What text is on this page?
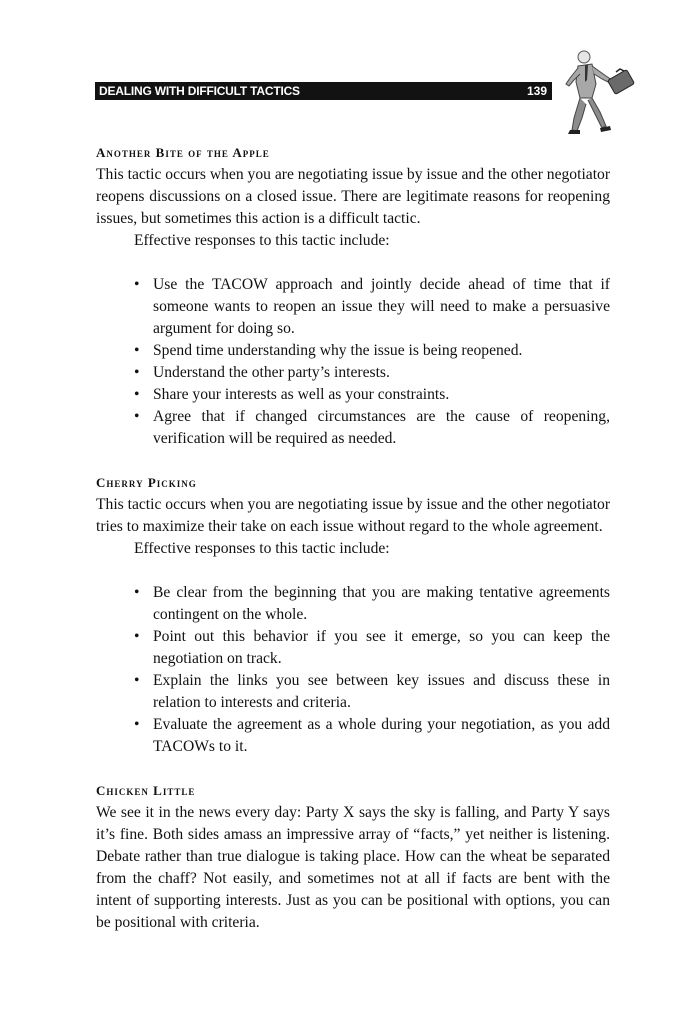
DEALING WITH DIFFICULT TACTICS	139
Another Bite of the Apple

This tactic occurs when you are negotiating issue by issue and the other negotiator reopens discussions on a closed issue. There are legitimate reasons for reopening issues, but sometimes this action is a difficult tactic.

Effective responses to this tactic include:

• Use the TACOW approach and jointly decide ahead of time that if someone wants to reopen an issue they will need to make a persuasive argument for doing so.
• Spend time understanding why the issue is being reopened.
• Understand the other party’s interests.
• Share your interests as well as your constraints.
• Agree that if changed circumstances are the cause of reopening, verification will be required as needed.
Cherry Picking

This tactic occurs when you are negotiating issue by issue and the other negotiator tries to maximize their take on each issue without regard to the whole agreement.

Effective responses to this tactic include:

• Be clear from the beginning that you are making tentative agreements contingent on the whole.
• Point out this behavior if you see it emerge, so you can keep the negotiation on track.
• Explain the links you see between key issues and discuss these in relation to interests and criteria.
• Evaluate the agreement as a whole during your negotiation, as you add TACOWs to it.
Chicken Little

We see it in the news every day: Party X says the sky is falling, and Party Y says it’s fine. Both sides amass an impressive array of “facts,” yet neither is listening. Debate rather than true dialogue is taking place. How can the wheat be separated from the chaff? Not easily, and sometimes not at all if facts are bent with the intent of supporting interests. Just as you can be positional with options, you can be positional with criteria.
